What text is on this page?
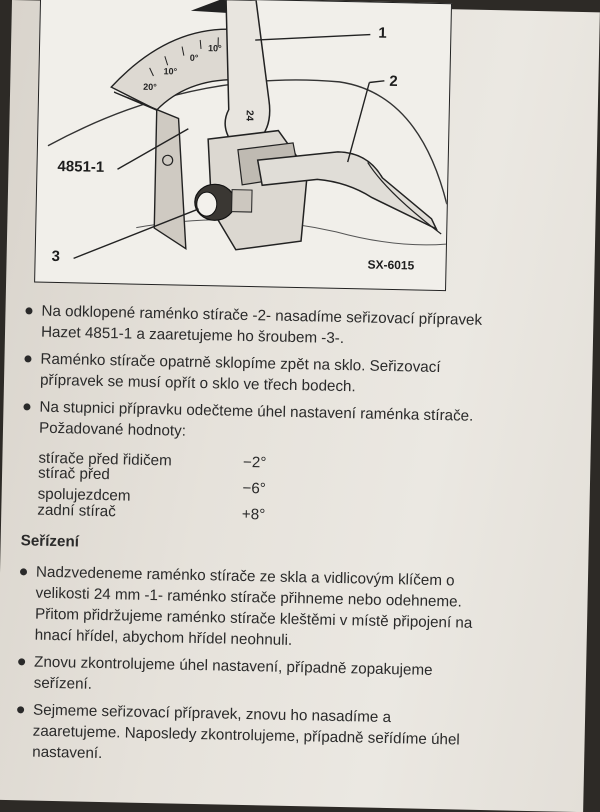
20°
10°
0°
10°
24
1
2
3
4851-1
SX-6015
Na odklopené raménko stírače -2- nasadíme seřizovací přípravek Hazet 4851-1 a zaaretujeme ho šroubem -3-.
Raménko stírače opatrně sklopíme zpět na sklo. Seřizovací přípravek se musí opřít o sklo ve třech bodech.
Na stupnici přípravku odečteme úhel nastavení raménka stírače. Požadované hodnoty:
stírače před řidičem	−2°
stírač před spolujezdcem	−6°
zadní stírač	+8°
Seřízení
Nadzvedeneme raménko stírače ze skla a vidlicovým klíčem o velikosti 24 mm -1- raménko stírače přihneme nebo odehneme. Přitom přidržujeme raménko stírače kleštěmi v místě připojení na hnací hřídel, abychom hřídel neohnuli.
Znovu zkontrolujeme úhel nastavení, případně zopakujeme seřízení.
Sejmeme seřizovací přípravek, znovu ho nasadíme a zaaretujeme. Naposledy zkontrolujeme, případně seřídíme úhel nastavení.
